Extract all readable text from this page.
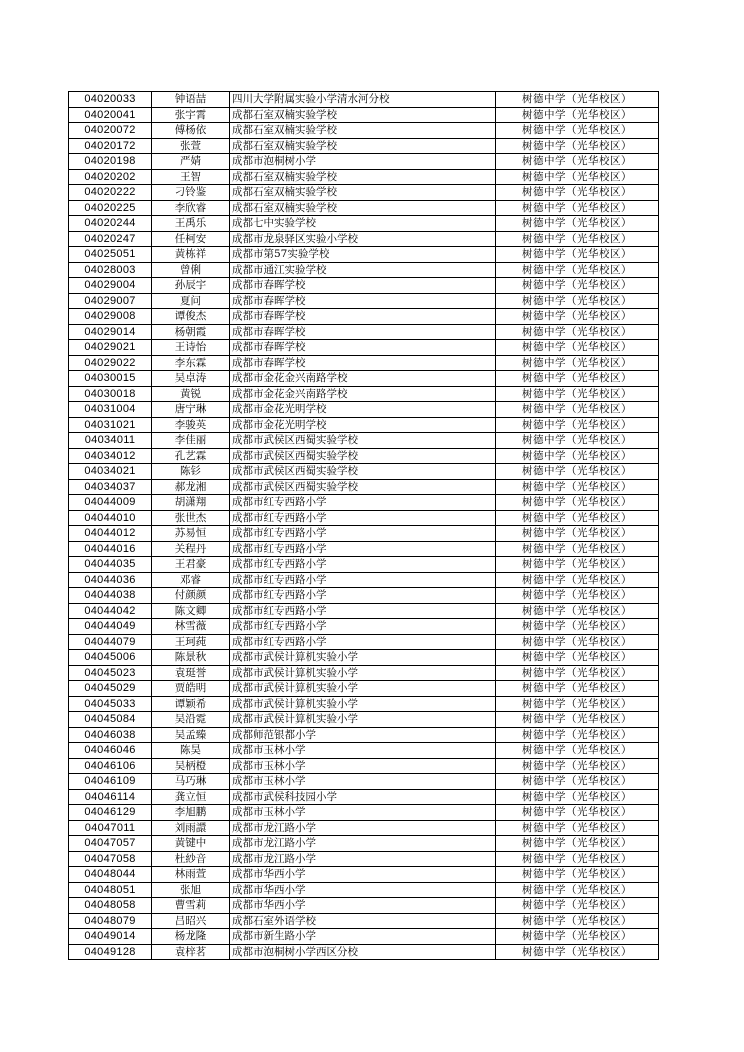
04020033	钟语喆	四川大学附属实验小学清水河分校	树德中学（光华校区）
04020041	张宇霄	成都石室双楠实验学校	树德中学（光华校区）
04020072	傅杨依	成都石室双楠实验学校	树德中学（光华校区）
04020172	张萱	成都石室双楠实验学校	树德中学（光华校区）
04020198	严婧	成都市泡桐树小学	树德中学（光华校区）
04020202	王智	成都石室双楠实验学校	树德中学（光华校区）
04020222	刁铃鉴	成都石室双楠实验学校	树德中学（光华校区）
04020225	李欣睿	成都石室双楠实验学校	树德中学（光华校区）
04020244	王禹乐	成都七中实验学校	树德中学（光华校区）
04020247	任柯安	成都市龙泉驿区实验小学校	树德中学（光华校区）
04025051	黄栋祥	成都市第57实验学校	树德中学（光华校区）
04028003	曾俐	成都市通江实验学校	树德中学（光华校区）
04029004	孙辰宇	成都市春晖学校	树德中学（光华校区）
04029007	夏问	成都市春晖学校	树德中学（光华校区）
04029008	谭俊杰	成都市春晖学校	树德中学（光华校区）
04029014	杨朝霞	成都市春晖学校	树德中学（光华校区）
04029021	王诗怡	成都市春晖学校	树德中学（光华校区）
04029022	李东霖	成都市春晖学校	树德中学（光华校区）
04030015	吴卓涛	成都市金花金兴南路学校	树德中学（光华校区）
04030018	黄锐	成都市金花金兴南路学校	树德中学（光华校区）
04031004	唐宁琳	成都市金花光明学校	树德中学（光华校区）
04031021	李骏英	成都市金花光明学校	树德中学（光华校区）
04034011	李佳丽	成都市武侯区西蜀实验学校	树德中学（光华校区）
04034012	孔艺霖	成都市武侯区西蜀实验学校	树德中学（光华校区）
04034021	陈钐	成都市武侯区西蜀实验学校	树德中学（光华校区）
04034037	郝龙湘	成都市武侯区西蜀实验学校	树德中学（光华校区）
04044009	胡潇翔	成都市红专西路小学	树德中学（光华校区）
04044010	张世杰	成都市红专西路小学	树德中学（光华校区）
04044012	苏易恒	成都市红专西路小学	树德中学（光华校区）
04044016	关程丹	成都市红专西路小学	树德中学（光华校区）
04044035	王君豪	成都市红专西路小学	树德中学（光华校区）
04044036	邓睿	成都市红专西路小学	树德中学（光华校区）
04044038	付颜颜	成都市红专西路小学	树德中学（光华校区）
04044042	陈文卿	成都市红专西路小学	树德中学（光华校区）
04044049	林雪薇	成都市红专西路小学	树德中学（光华校区）
04044079	王珂莼	成都市红专西路小学	树德中学（光华校区）
04045006	陈景秋	成都市武侯计算机实验小学	树德中学（光华校区）
04045023	袁珽誉	成都市武侯计算机实验小学	树德中学（光华校区）
04045029	贾皓明	成都市武侯计算机实验小学	树德中学（光华校区）
04045033	谭颖希	成都市武侯计算机实验小学	树德中学（光华校区）
04045084	吴沿霓	成都市武侯计算机实验小学	树德中学（光华校区）
04046038	吴孟臻	成都师范银都小学	树德中学（光华校区）
04046046	陈昊	成都市玉林小学	树德中学（光华校区）
04046106	吴柄橙	成都市玉林小学	树德中学（光华校区）
04046109	马巧琳	成都市玉林小学	树德中学（光华校区）
04046114	龚立恒	成都市武侯科技园小学	树德中学（光华校区）
04046129	李旭鹏	成都市玉林小学	树德中学（光华校区）
04047011	刘雨譞	成都市龙江路小学	树德中学（光华校区）
04047057	黄键中	成都市龙江路小学	树德中学（光华校区）
04047058	杜紗音	成都市龙江路小学	树德中学（光华校区）
04048044	林雨萱	成都市华西小学	树德中学（光华校区）
04048051	张旭	成都市华西小学	树德中学（光华校区）
04048058	曹雪莉	成都市华西小学	树德中学（光华校区）
04048079	吕昭兴	成都石室外语学校	树德中学（光华校区）
04049014	杨龙隆	成都市新生路小学	树德中学（光华校区）
04049128	袁梓茗	成都市泡桐树小学西区分校	树德中学（光华校区）
